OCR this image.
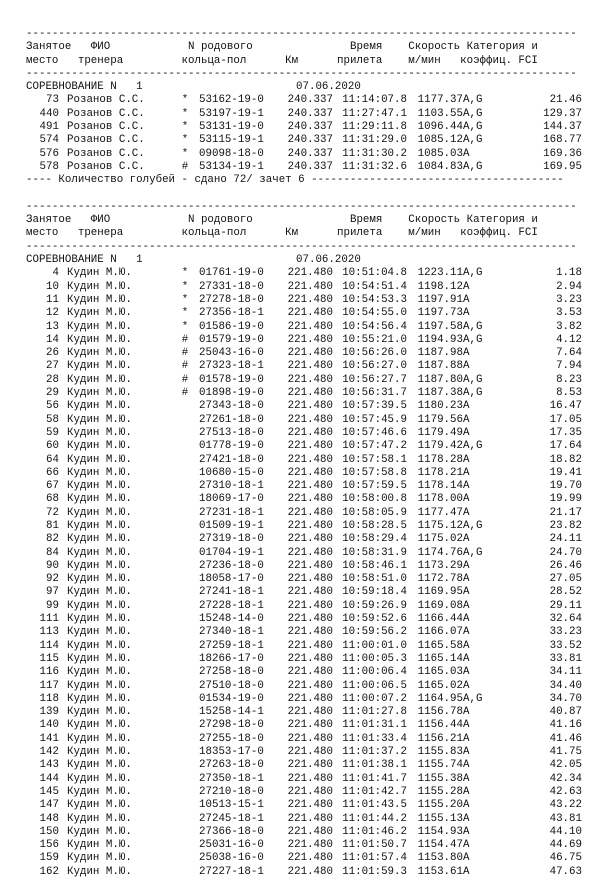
-------------------------------------------------------------------------------------
Занятое   ФИО            N родового               Время    Скорость Категория и
место   тренера         кольца-пол      Км      прилета    м/мин   коэффиц. FCI
-------------------------------------------------------------------------------------
СОРЕВНОВАНИЕ N   1	07.06.2020
73 Розанов С.С.	* 53162-19-0 240.337 11:14:07.8 1177.37A,G	21.46
440 Розанов С.С.	* 53197-19-1 240.337 11:27:47.1 1103.55A,G	129.37
491 Розанов С.С.	* 53131-19-0 240.337 11:29:11.8 1096.44A,G	144.37
574 Розанов С.С.	* 53115-19-1 240.337 11:31:29.0 1085.12A,G	168.77
576 Розанов С.С.	* 09098-18-0 240.337 11:31:30.2 1085.03A	169.36
578 Розанов С.С.	# 53134-19-1 240.337 11:31:32.6 1084.83A,G	169.95
---- Количество голубей - сдано 72/ зачет 6 ---------------------------------------
-------------------------------------------------------------------------------------
Занятое   ФИО            N родового               Время    Скорость Категория и
место   тренера         кольца-пол      Км      прилета    м/мин   коэффиц. FCI
-------------------------------------------------------------------------------------
СОРЕВНОВАНИЕ N   1	07.06.2020
4 Кудин М.Ю.	* 01761-19-0 221.480 10:51:04.8 1223.11A,G	1.18
10 Кудин М.Ю.	* 27331-18-0 221.480 10:54:51.4 1198.12A	2.94
11 Кудин М.Ю.	* 27278-18-0 221.480 10:54:53.3 1197.91A	3.23
12 Кудин М.Ю.	* 27356-18-1 221.480 10:54:55.0 1197.73A	3.53
13 Кудин М.Ю.	* 01586-19-0 221.480 10:54:56.4 1197.58A,G	3.82
14 Кудин М.Ю.	# 01579-19-0 221.480 10:55:21.0 1194.93A,G	4.12
26 Кудин М.Ю.	# 25043-16-0 221.480 10:56:26.0 1187.98A	7.64
27 Кудин М.Ю.	# 27323-18-1 221.480 10:56:27.0 1187.88A	7.94
28 Кудин М.Ю.	# 01578-19-0 221.480 10:56:27.7 1187.80A,G	8.23
29 Кудин М.Ю.	# 01898-19-0 221.480 10:56:31.7 1187.38A,G	8.53
56 Кудин М.Ю.	27343-18-0 221.480 10:57:39.5 1180.23A	16.47
58 Кудин М.Ю.	27261-18-0 221.480 10:57:45.9 1179.56A	17.05
59 Кудин М.Ю.	27513-18-0 221.480 10:57:46.6 1179.49A	17.35
60 Кудин М.Ю.	01778-19-0 221.480 10:57:47.2 1179.42A,G	17.64
64 Кудин М.Ю.	27421-18-0 221.480 10:57:58.1 1178.28A	18.82
66 Кудин М.Ю.	10680-15-0 221.480 10:57:58.8 1178.21A	19.41
67 Кудин М.Ю.	27310-18-1 221.480 10:57:59.5 1178.14A	19.70
68 Кудин М.Ю.	18069-17-0 221.480 10:58:00.8 1178.00A	19.99
72 Кудин М.Ю.	27231-18-1 221.480 10:58:05.9 1177.47A	21.17
81 Кудин М.Ю.	01509-19-1 221.480 10:58:28.5 1175.12A,G	23.82
82 Кудин М.Ю.	27319-18-0 221.480 10:58:29.4 1175.02A	24.11
84 Кудин М.Ю.	01704-19-1 221.480 10:58:31.9 1174.76A,G	24.70
90 Кудин М.Ю.	27236-18-0 221.480 10:58:46.1 1173.29A	26.46
92 Кудин М.Ю.	18058-17-0 221.480 10:58:51.0 1172.78A	27.05
97 Кудин М.Ю.	27241-18-1 221.480 10:59:18.4 1169.95A	28.52
99 Кудин М.Ю.	27228-18-1 221.480 10:59:26.9 1169.08A	29.11
111 Кудин М.Ю.	15248-14-0 221.480 10:59:52.6 1166.44A	32.64
113 Кудин М.Ю.	27340-18-1 221.480 10:59:56.2 1166.07A	33.23
114 Кудин М.Ю.	27259-18-1 221.480 11:00:01.0 1165.58A	33.52
115 Кудин М.Ю.	18266-17-0 221.480 11:00:05.3 1165.14A	33.81
116 Кудин М.Ю.	27258-18-0 221.480 11:00:06.4 1165.03A	34.11
117 Кудин М.Ю.	27510-18-0 221.480 11:00:06.5 1165.02A	34.40
118 Кудин М.Ю.	01534-19-0 221.480 11:00:07.2 1164.95A,G	34.70
139 Кудин М.Ю.	15258-14-1 221.480 11:01:27.8 1156.78A	40.87
140 Кудин М.Ю.	27298-18-0 221.480 11:01:31.1 1156.44A	41.16
141 Кудин М.Ю.	27255-18-0 221.480 11:01:33.4 1156.21A	41.46
142 Кудин М.Ю.	18353-17-0 221.480 11:01:37.2 1155.83A	41.75
143 Кудин М.Ю.	27263-18-0 221.480 11:01:38.1 1155.74A	42.05
144 Кудин М.Ю.	27350-18-1 221.480 11:01:41.7 1155.38A	42.34
145 Кудин М.Ю.	27210-18-0 221.480 11:01:42.7 1155.28A	42.63
147 Кудин М.Ю.	10513-15-1 221.480 11:01:43.5 1155.20A	43.22
148 Кудин М.Ю.	27245-18-1 221.480 11:01:44.2 1155.13A	43.81
150 Кудин М.Ю.	27366-18-0 221.480 11:01:46.2 1154.93A	44.10
156 Кудин М.Ю.	25031-16-0 221.480 11:01:50.7 1154.47A	44.69
159 Кудин М.Ю.	25038-16-0 221.480 11:01:57.4 1153.80A	46.75
162 Кудин М.Ю.	27227-18-1 221.480 11:01:59.3 1153.61A	47.63
